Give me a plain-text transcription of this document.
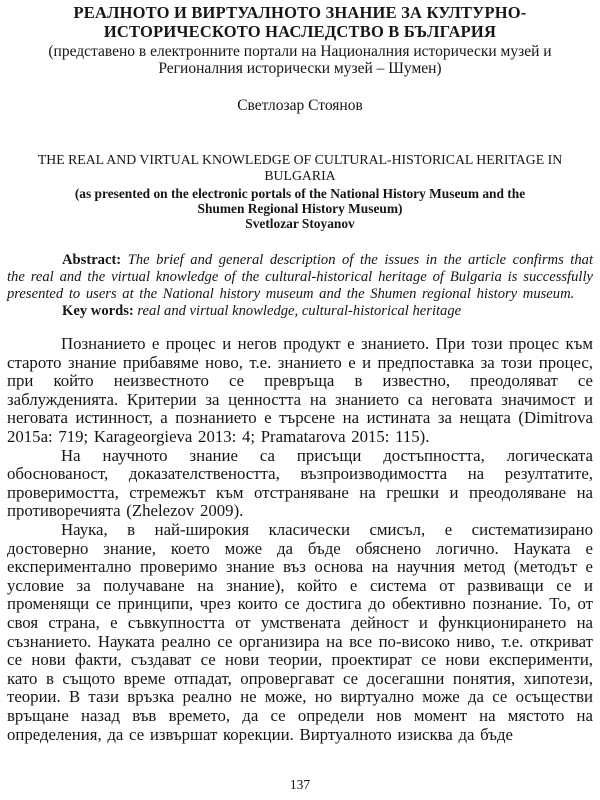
РЕАЛНОТО И ВИРТУАЛНОТО ЗНАНИЕ ЗА КУЛТУРНО-ИСТОРИЧЕСКОТО НАСЛЕДСТВО В БЪЛГАРИЯ

(представено в електронните портали на Националния исторически музей и Регионалния исторически музей – Шумен)

Светлозар Стоянов

THE REAL AND VIRTUAL KNOWLEDGE OF CULTURAL-HISTORICAL HERITAGE IN BULGARIA

(as presented on the electronic portals of the National History Museum and the Shumen Regional History Museum)

Svetlozar Stoyanov

Abstract: The brief and general description of the issues in the article confirms that the real and the virtual knowledge of the cultural-historical heritage of Bulgaria is successfully presented to users at the National history museum and the Shumen regional history museum.

Key words: real and virtual knowledge, cultural-historical heritage

Познанието е процес и негов продукт е знанието. При този процес към старото знание прибавяме ново, т.е. знанието е и предпоставка за този процес, при който неизвестното се превръща в известно, преодоляват се заблужденията. Критерии за ценността на знанието са неговата значимост и неговата истинност, а познанието е търсене на истината за нещата (Dimitrova 2015a: 719; Karageorgieva 2013: 4; Pramatarova 2015: 115).

На научното знание са присъщи достъпността, логическата обоснованост, доказателствеността, възпроизводимостта на резултатите, проверимостта, стремежът към отстраняване на грешки и преодоляване на противоречията (Zhelezov 2009).

Наука, в най-широкия класически смисъл, е систематизирано достоверно знание, което може да бъде обяснено логично. Науката е експериментално проверимо знание въз основа на научния метод (методът е условие за получаване на знание), който е система от развиващи се и променящи се принципи, чрез които се достига до обективно познание. То, от своя страна, е съвкупността от умствената дейност и функционирането на съзнанието. Науката реално се организира на все по-високо ниво, т.е. откриват се нови факти, създават се нови теории, проектират се нови експерименти, като в същото време отпадат, опровергават се досегашни понятия, хипотези, теории. В тази връзка реално не може, но виртуално може да се осъществи връщане назад във времето, да се определи нов момент на мястото на определения, да се извършат корекции. Виртуалното изисква да бъде

137
